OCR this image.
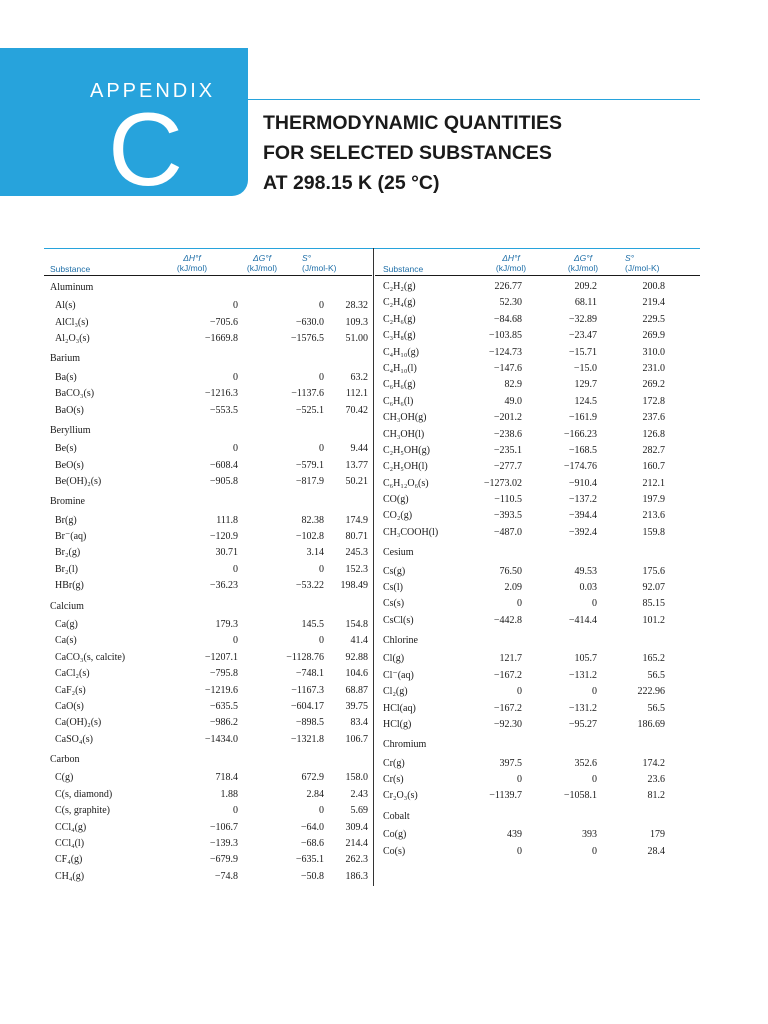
APPENDIX
C	THERMODYNAMIC QUANTITIES
FOR SELECTED SUBSTANCES
AT 298.15 K (25 °C)
Substance
ΔH°f
(kJ/mol)
ΔG°f
(kJ/mol)
S°
(J/mol-K)
Aluminum
Al(s)	0	0	28.32
AlCl₃(s)	−705.6	−630.0	109.3
Al₂O₃(s)	−1669.8	−1576.5	51.00
Barium
Ba(s)	0	0	63.2
BaCO₃(s)	−1216.3	−1137.6	112.1
BaO(s)	−553.5	−525.1	70.42
Beryllium
Be(s)	0	0	9.44
BeO(s)	−608.4	−579.1	13.77
Be(OH)₂(s)	−905.8	−817.9	50.21
Bromine
Br(g)	111.8	82.38	174.9
Br⁻(aq)	−120.9	−102.8	80.71
Br₂(g)	30.71	3.14	245.3
Br₂(l)	0	0	152.3
HBr(g)	−36.23	−53.22	198.49
Calcium
Ca(g)	179.3	145.5	154.8
Ca(s)	0	0	41.4
CaCO₃(s, calcite)	−1207.1	−1128.76	92.88
CaCl₂(s)	−795.8	−748.1	104.6
CaF₂(s)	−1219.6	−1167.3	68.87
CaO(s)	−635.5	−604.17	39.75
Ca(OH)₂(s)	−986.2	−898.5	83.4
CaSO₄(s)	−1434.0	−1321.8	106.7
Carbon
C(g)	718.4	672.9	158.0
C(s, diamond)	1.88	2.84	2.43
C(s, graphite)	0	0	5.69
CCl₄(g)	−106.7	−64.0	309.4
CCl₄(l)	−139.3	−68.6	214.4
CF₄(g)	−679.9	−635.1	262.3
CH₄(g)	−74.8	−50.8	186.3
Substance
ΔH°f
(kJ/mol)
ΔG°f
(kJ/mol)
S°
(J/mol-K)
C₂H₂(g)	226.77	209.2	200.8
C₂H₄(g)	52.30	68.11	219.4
C₂H₆(g)	−84.68	−32.89	229.5
C₃H₈(g)	−103.85	−23.47	269.9
C₄H₁₀(g)	−124.73	−15.71	310.0
C₄H₁₀(l)	−147.6	−15.0	231.0
C₆H₆(g)	82.9	129.7	269.2
C₆H₆(l)	49.0	124.5	172.8
CH₃OH(g)	−201.2	−161.9	237.6
CH₃OH(l)	−238.6	−166.23	126.8
C₂H₅OH(g)	−235.1	−168.5	282.7
C₂H₅OH(l)	−277.7	−174.76	160.7
C₆H₁₂O₆(s)	−1273.02	−910.4	212.1
CO(g)	−110.5	−137.2	197.9
CO₂(g)	−393.5	−394.4	213.6
CH₃COOH(l)	−487.0	−392.4	159.8
Cesium
Cs(g)	76.50	49.53	175.6
Cs(l)	2.09	0.03	92.07
Cs(s)	0	0	85.15
CsCl(s)	−442.8	−414.4	101.2
Chlorine
Cl(g)	121.7	105.7	165.2
Cl⁻(aq)	−167.2	−131.2	56.5
Cl₂(g)	0	0	222.96
HCl(aq)	−167.2	−131.2	56.5
HCl(g)	−92.30	−95.27	186.69
Chromium
Cr(g)	397.5	352.6	174.2
Cr(s)	0	0	23.6
Cr₂O₃(s)	−1139.7	−1058.1	81.2
Cobalt
Co(g)	439	393	179
Co(s)	0	0	28.4
